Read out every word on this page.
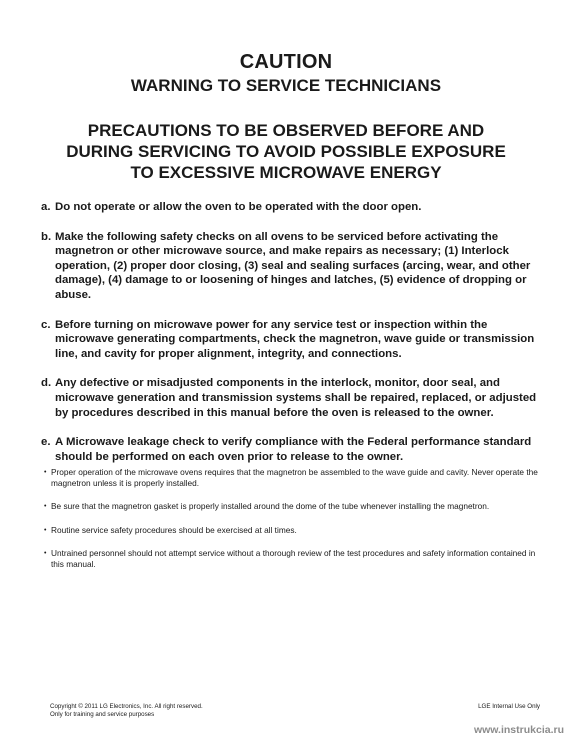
CAUTION
WARNING TO SERVICE TECHNICIANS
PRECAUTIONS TO BE OBSERVED BEFORE AND
DURING SERVICING TO AVOID POSSIBLE EXPOSURE
TO EXCESSIVE MICROWAVE ENERGY
a. Do not operate or allow the oven to be operated with the door open.
b. Make the following safety checks on all ovens to be serviced before activating the magnetron or other microwave source, and make repairs as necessary; (1) Interlock operation, (2) proper door closing, (3) seal and sealing surfaces (arcing, wear, and other damage), (4) damage to or loosening of hinges and latches, (5) evidence of dropping or abuse.
c. Before turning on microwave power for any service test or inspection within the microwave generating compartments, check the magnetron, wave guide or transmission line, and cavity for proper alignment, integrity, and connections.
d. Any defective or misadjusted components in the interlock, monitor, door seal, and microwave generation and transmission systems shall be repaired, replaced, or adjusted by procedures described in this manual before the oven is released to the owner.
e. A Microwave leakage check to verify compliance with the Federal performance standard should be performed on each oven prior to release to the owner.
• Proper operation of the microwave ovens requires that the magnetron be assembled to the wave guide and cavity. Never operate the magnetron unless it is properly installed.
• Be sure that the magnetron gasket is properly installed around the dome of the tube whenever installing the magnetron.
• Routine service safety procedures should be exercised at all times.
• Untrained personnel should not attempt service without a thorough review of the test procedures and safety information contained in this manual.
Copyright © 2011 LG Electronics, Inc. All right reserved.
Only for training and service purposes
LGE Internal Use Only
www.instrukcia.ru
